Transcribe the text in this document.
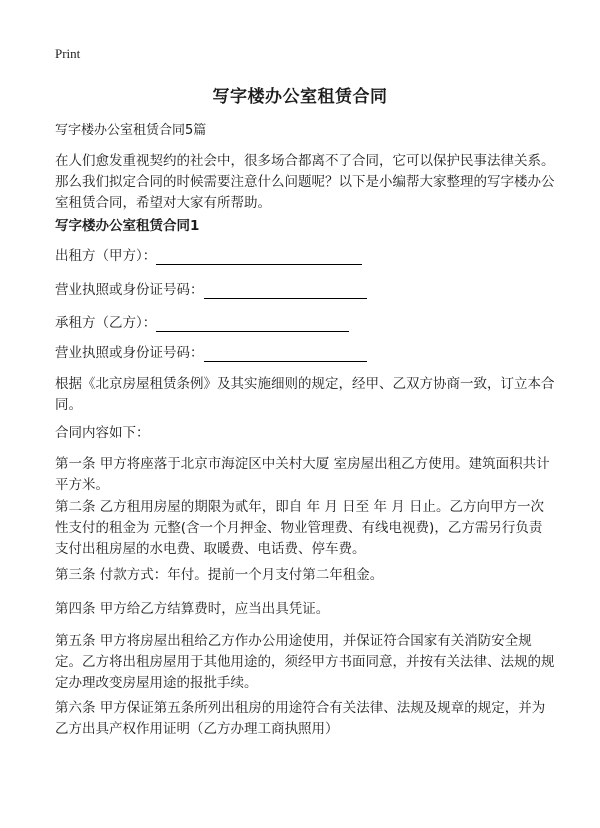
Print
写字楼办公室租赁合同
写字楼办公室租赁合同5篇
在人们愈发重视契约的社会中，很多场合都离不了合同，它可以保护民事法律关系。那么我们拟定合同的时候需要注意什么问题呢？以下是小编帮大家整理的写字楼办公室租赁合同，希望对大家有所帮助。
写字楼办公室租赁合同1
出租方（甲方）：
营业执照或身份证号码：
承租方（乙方）：
营业执照或身份证号码：
根据《北京房屋租赁条例》及其实施细则的规定，经甲、乙双方协商一致，订立本合同。
合同内容如下：
第一条 甲方将座落于北京市海淀区中关村大厦 室房屋出租乙方使用。建筑面积共计 平方米。
第二条 乙方租用房屋的期限为贰年，即自 年 月 日至 年 月 日止。乙方向甲方一次性支付的租金为 元整(含一个月押金、物业管理费、有线电视费)，乙方需另行负责支付出租房屋的水电费、取暖费、电话费、停车费。
第三条 付款方式：年付。提前一个月支付第二年租金。
第四条 甲方给乙方结算费时，应当出具凭证。
第五条 甲方将房屋出租给乙方作办公用途使用，并保证符合国家有关消防安全规定。乙方将出租房屋用于其他用途的，须经甲方书面同意，并按有关法律、法规的规定办理改变房屋用途的报批手续。
第六条 甲方保证第五条所列出租房的用途符合有关法律、法规及规章的规定，并为乙方出具产权作用证明（乙方办理工商执照用）
